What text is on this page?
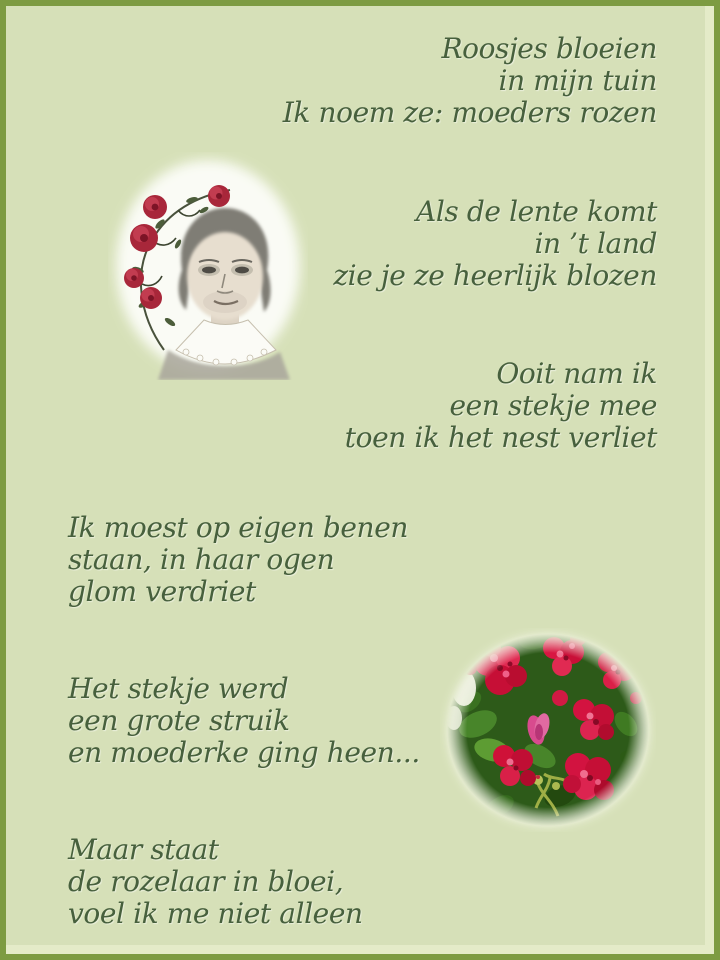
Roosjes bloeien
in mijn tuin
Ik noem ze: moeders rozen
Als de lente komt
in ’t land
zie je ze heerlijk blozen
Ooit nam ik
een stekje mee
toen ik het nest verliet
Ik moest op eigen benen
staan, in haar ogen
glom verdriet
Het stekje werd
een grote struik
en moederke ging heen...
Maar staat
de rozelaar in bloei,
voel ik me niet alleen
